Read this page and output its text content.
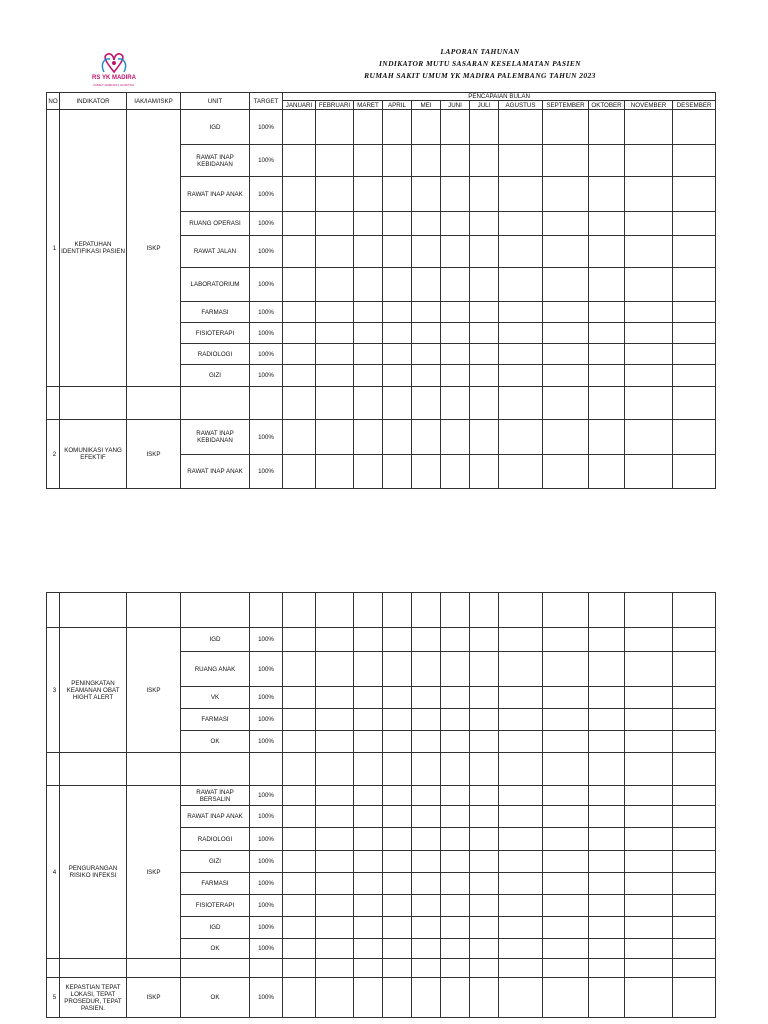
RS YK MADIRA
FAMILY FRIENDLY HOSPITAL
LAPORAN TAHUNAN
INDIKATOR MUTU SASARAN KESELAMATAN PASIEN
RUMAH SAKIT UMUM YK MADIRA PALEMBANG TAHUN 2023
NO	INDIKATOR	IAK/IAM/ISKP	UNIT	TARGET	PENCAPAIAN BULAN											
					JANUARI	FEBRUARI	MARET	APRIL	MEI	JUNI	JULI	AGUSTUS	SEPTEMBER	OKTOBER	NOVEMBER	DESEMBER
1	KEPATUHAN IDENTIFIKASI PASIEN	ISKP	IGD	100%												
			RAWAT INAP KEBIDANAN	100%												
			RAWAT INAP ANAK	100%												
			RUANG OPERASI	100%												
			RAWAT JALAN	100%												
			LABORATORIUM	100%												
			FARMASI	100%												
			FISIOTERAPI	100%												
			RADIOLOGI	100%												
			GIZI	100%												

2	KOMUNIKASI YANG EFEKTIF	ISKP	RAWAT INAP KEBIDANAN	100%												
			RAWAT INAP ANAK	100%												

3	PENINGKATAN KEAMANAN OBAT HIGHT ALERT	ISKP	IGD	100%												
			RUANG ANAK	100%												
			VK	100%												
			FARMASI	100%												
			OK	100%												

4	PENGURANGAN RISIKO INFEKSI	ISKP	RAWAT INAP BERSALIN	100%												
			RAWAT INAP ANAK	100%												
			RADIOLOGI	100%												
			GIZI	100%												
			FARMASI	100%												
			FISIOTERAPI	100%												
			IGD	100%												
			OK	100%												

5	KEPASTIAN TEPAT LOKASI, TEPAT PROSEDUR, TEPAT PASIEN.	ISKP	OK	100%												
